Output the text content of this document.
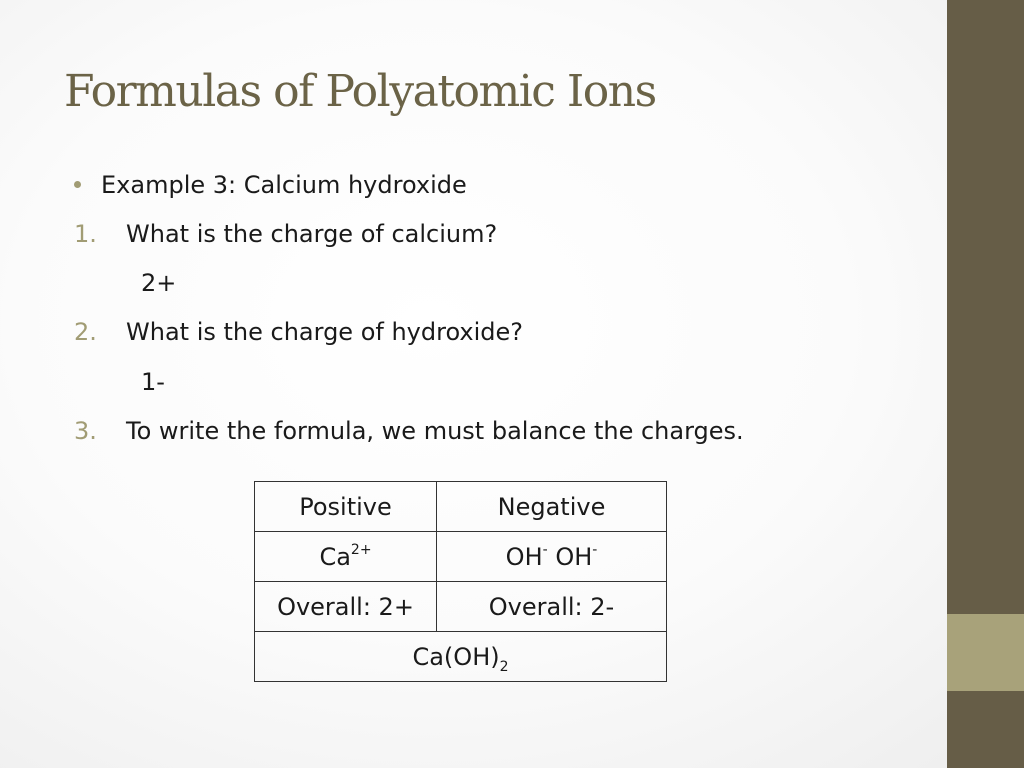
Formulas of Polyatomic Ions
Example 3: Calcium hydroxide
1. What is the charge of calcium?
2+
2. What is the charge of hydroxide?
1-
3. To write the formula, we must balance the charges.
Positive	Negative
$Ca^{2+}$	OH- OH-
Overall: 2+	Overall: 2-
$Ca(OH)_2$
